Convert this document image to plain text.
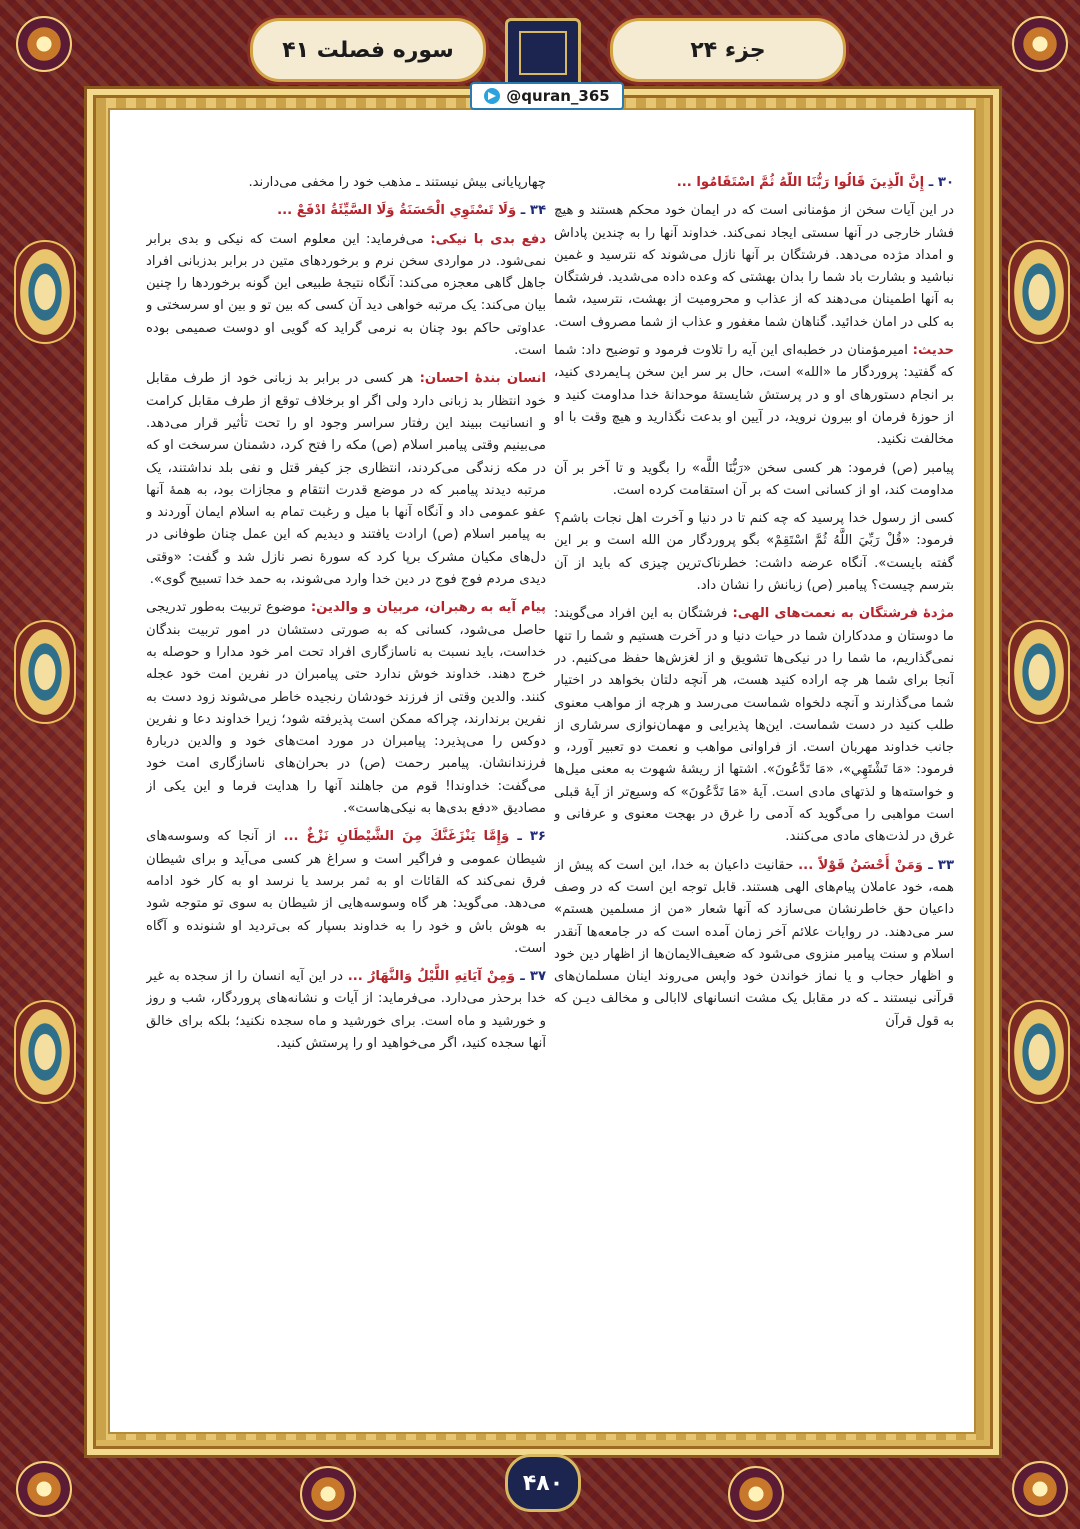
سوره فصلت ۴۱	جزء ۲۴
@quran_365

۳۰ ـ إِنَّ الَّذِينَ قَالُوا رَبُّنَا اللَّهُ ثُمَّ اسْتَقَامُوا ...

در این آیات سخن از مؤمنانی است که در ایمان خود محکم هستند و هیچ فشار خارجی در آنها سستی ایجاد نمی‌کند. خداوند آنها را به چندین پاداش و امداد مژده می‌دهد. فرشتگان بر آنها نازل می‌شوند که نترسید و غمین نباشید و بشارت باد شما را بدان بهشتی که وعده داده می‌شدید. فرشتگان به آنها اطمینان می‌دهند که از عذاب و محرومیت از بهشت، نترسید، شما به کلی در امان خدائید. گناهان شما مغفور و عذاب از شما مصروف است.

حدیث: امیرمؤمنان در خطبه‌ای این آیه را تلاوت فرمود و توضیح داد: شما که گفتید: پروردگار ما «الله» است، حال بر سر این سخن پـایمردی کنید، بر انجام دستورهای او و در پرستش شایستهٔ موحدانهٔ خدا مداومت کنید و از حوزهٔ فرمان او بیرون نروید، در آیین او بدعت نگذارید و هیچ وقت با او مخالفت نکنید.

پیامبر (ص) فرمود: هر کسی سخن «رَبُّنَا اللَّه» را بگوید و تا آخر بر آن مداومت کند، او از کسانی است که بر آن استقامت کرده است.

کسی از رسول خدا پرسید که چه کنم تا در دنیا و آخرت اهل نجات باشم؟ فرمود: «قُلْ رَبِّيَ اللَّهُ ثُمَّ اسْتَقِمْ» بگو پروردگار من الله است و بر این گفته بایست». آنگاه عرضه داشت: خطرناک‌ترین چیزی که باید از آن بترسم چیست؟ پیامبر (ص) زبانش را نشان داد.

مژدهٔ فرشتگان به نعمت‌های الهی: فرشتگان به این افراد می‌گویند: ما دوستان و مددکاران شما در حیات دنیا و در آخرت هستیم و شما را تنها نمی‌گذاریم، ما شما را در نیکی‌ها تشویق و از لغزش‌ها حفظ می‌کنیم. در آنجا برای شما هر چه اراده کنید هست، هر آنچه دلتان بخواهد در اختیار شما می‌گذارند و آنچه دلخواه شماست می‌رسد و هرچه از مواهب معنوی طلب کنید در دست شماست. این‌ها پذیرایی و مهمان‌نوازی سرشاری از جانب خداوند مهربان است. از فراوانی مواهب و نعمت دو تعبیر آورد، و فرمود: «مَا تَشْتَهِي»، «مَا تَدَّعُونَ». اشتها از ریشهٔ شهوت به معنی میل‌ها و خواسته‌ها و لذتهای مادی است. آیهٔ «مَا تَدَّعُونَ» که وسیع‌تر از آیهٔ قبلی است مواهبی را می‌گوید که آدمی را غرق در بهجت معنوی و عرفانی و غرق در لذت‌های مادی می‌کنند.

۳۳ ـ وَمَنْ أَحْسَنُ قَوْلاً ... حقانیت داعیان به خدا، این است که پیش از همه، خود عاملان پیام‌های الهی هستند. قابل توجه این است که در وصف داعیان حق خاطرنشان می‌سازد که آنها شعار «من از مسلمین هستم» سر می‌دهند. در روایات علائم آخر زمان آمده است که در جامعه‌ها آنقدر اسلام و سنت پیامبر منزوی می‌شود که ضعیف‌الایمان‌ها از اظهار دین خود و اظهار حجاب و یا نماز خواندن خود واپس می‌روند اینان مسلمان‌های قرآنی نیستند ـ که در مقابل یک مشت انسانهای لاابالی و مخالف دیـن که به قول قرآن

چهارپایانی بیش نیستند ـ مذهب خود را مخفی می‌دارند.

۳۴ ـ وَلَا تَسْتَوِي الْحَسَنَةُ وَلَا السَّيِّئَةُ ادْفَعْ ...

دفع بدی با نیکی: می‌فرماید: این معلوم است که نیکی و بدی برابر نمی‌شود. در مواردی سخن نرم و برخوردهای متین در برابر بدزبانی افراد جاهل گاهی معجزه می‌کند: آنگاه نتیجهٔ طبیعی این گونه برخوردها را چنین بیان می‌کند: یک مرتبه خواهی دید آن کسی که بین تو و بین او سرسختی و عداوتی حاکم بود چنان به نرمی گراید که گویی او دوست صمیمی بوده است.

انسان بندهٔ احسان: هر کسی در برابر بد زبانی خود از طرف مقابل خود انتظار بد زبانی دارد ولی اگر او برخلاف توقع از طرف مقابل کرامت و انسانیت ببیند این رفتار سراسر وجود او را تحت تأثیر قرار می‌دهد. می‌بینیم وقتی پیامبر اسلام (ص) مکه را فتح کرد، دشمنان سرسخت او که در مکه زندگی می‌کردند، انتظاری جز کیفر قتل و نفی بلد نداشتند، یک مرتبه دیدند پیامبر که در موضع قدرت انتقام و مجازات بود، به همهٔ آنها عفو عمومی داد و آنگاه آنها با میل و رغبت تمام به اسلام ایمان آوردند و به پیامبر اسلام (ص) ارادت یافتند و دیدیم که این عمل چنان طوفانی در دل‌های مکیان مشرک برپا کرد که سورهٔ نصر نازل شد و گفت: «وقتی دیدی مردم فوج فوج در دین خدا وارد می‌شوند، به حمد خدا تسبیح گوی».

پیام آیه به رهبران، مربیان و والدین: موضوع تربیت به‌طور تدریجی حاصل می‌شود، کسانی که به صورتی دستشان در امور تربیت بندگان خداست، باید نسبت به ناسازگاری افراد تحت امر خود مدارا و حوصله به خرج دهند. خداوند خوش ندارد حتی پیامبران در نفرین امت خود عجله کنند. والدین وقتی از فرزند خودشان رنجیده خاطر می‌شوند زود دست به نفرین برندارند، چراکه ممکن است پذیرفته شود؛ زیرا خداوند دعا و نفرین دوکس را می‌پذیرد: پیامبران در مورد امت‌های خود و والدین دربارهٔ فرزندانشان. پیامبر رحمت (ص) در بحران‌های ناسازگاری امت خود می‌گفت: خداوندا! قوم من جاهلند آنها را هدایت فرما و این یکی از مصادیق «دفع بدی‌ها به نیکی‌هاست».

۳۶ ـ وَإِمَّا يَنْزَغَنَّكَ مِنَ الشَّيْطَانِ نَزْغٌ ... از آنجا که وسوسه‌های شیطان عمومی و فراگیر است و سراغ هر کسی می‌آید و برای شیطان فرق نمی‌کند که القائات او به ثمر برسد یا نرسد او به کار خود ادامه می‌دهد. می‌گوید: هر گاه وسوسه‌هایی از شیطان به سوی تو متوجه شود به هوش باش و خود را به خداوند بسپار که بی‌تردید او شنونده و آگاه است.

۳۷ ـ وَمِنْ آيَاتِهِ اللَّيْلُ وَالنَّهَارُ ... در این آیه انسان را از سجده به غیر خدا برحذر می‌دارد. می‌فرماید: از آیات و نشانه‌های پروردگار، شب و روز و خورشید و ماه است. برای خورشید و ماه سجده نکنید؛ بلکه برای خالق آنها سجده کنید، اگر می‌خواهید او را پرستش کنید.

۴۸۰
